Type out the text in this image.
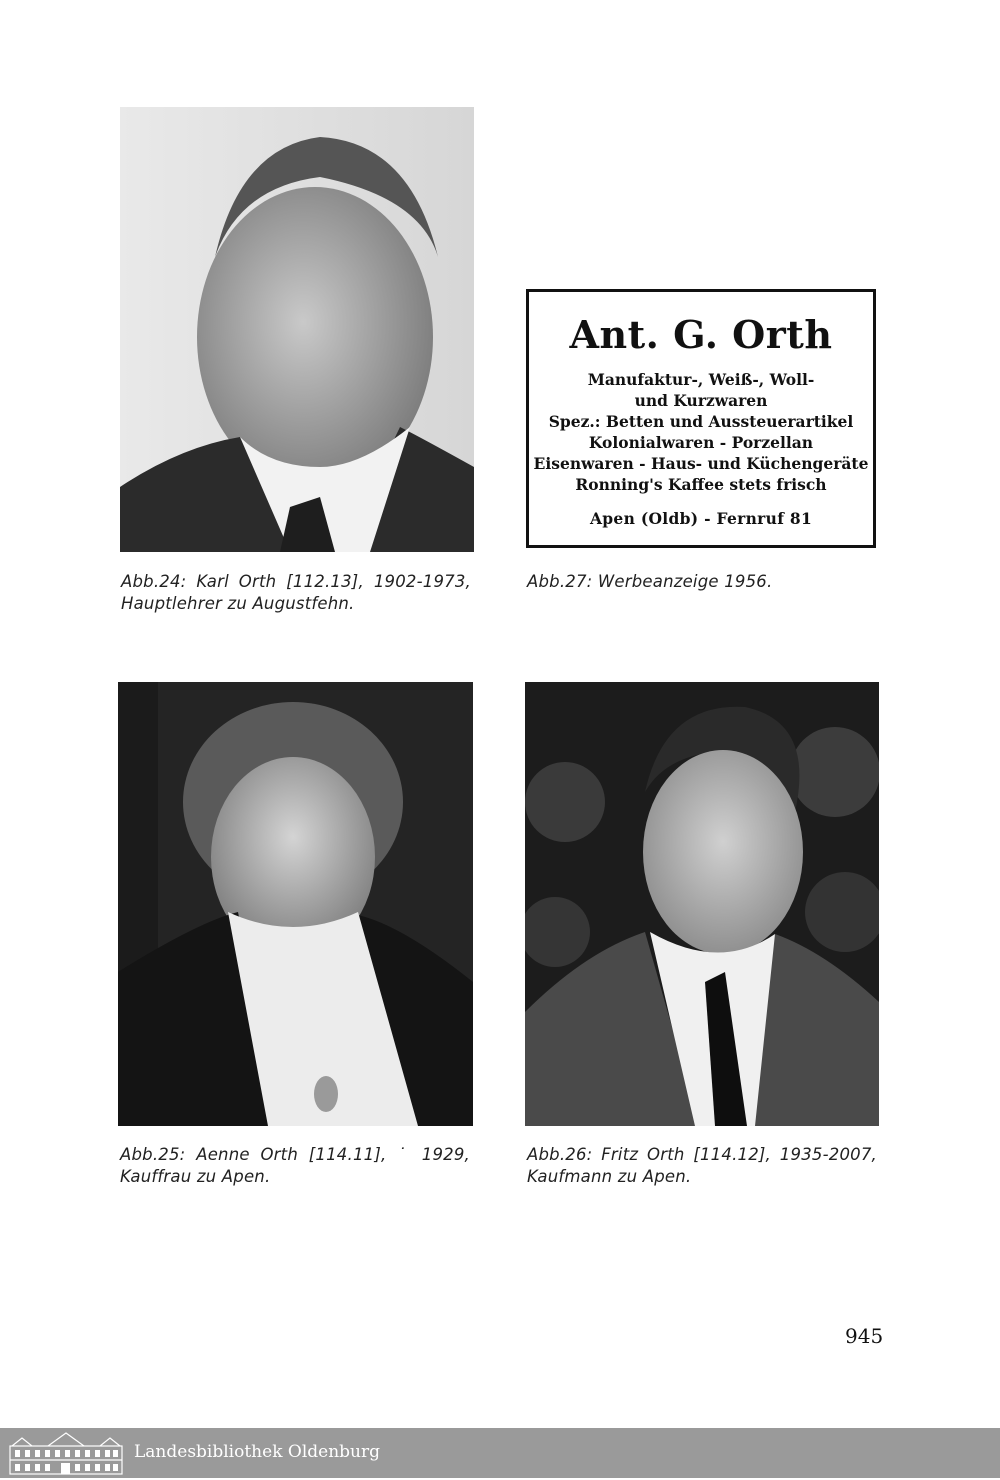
Ant. G. Orth
Manufaktur-, Weiß-, Woll-
und Kurzwaren
Spez.: Betten und Aussteuerartikel
Kolonialwaren - Porzellan
Eisenwaren - Haus- und Küchengeräte
Ronning's Kaffee stets frisch
Apen (Oldb) - Fernruf 81
Abb.24: Karl Orth [112.13], 1902-1973,
Hauptlehrer zu Augustfehn.
Abb.27: Werbeanzeige 1956.
Abb.25: Aenne Orth [114.11], ˙ 1929,
Kauffrau zu Apen.
Abb.26: Fritz Orth [114.12], 1935-2007,
Kaufmann zu Apen.
945
Landesbibliothek Oldenburg
